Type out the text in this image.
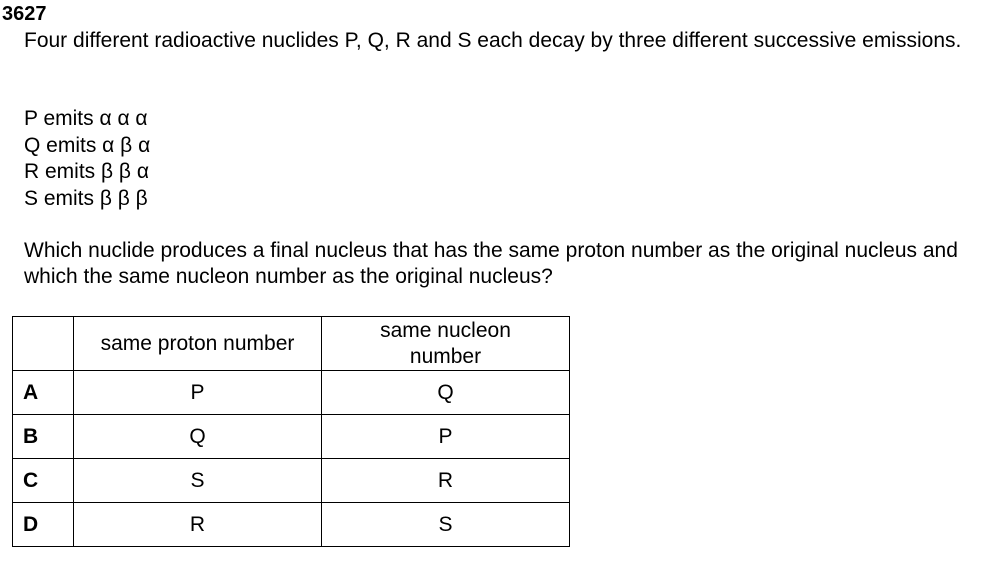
3627
Four different radioactive nuclides P, Q, R and S each decay by three different successive emissions.
P emits α α α
Q emits α β α
R emits β β α
S emits β β β
Which nuclide produces a final nucleus that has the same proton number as the original nucleus and which the same nucleon number as the original nucleus?
	same proton number	same nucleon number
A	P	Q
B	Q	P
C	S	R
D	R	S
